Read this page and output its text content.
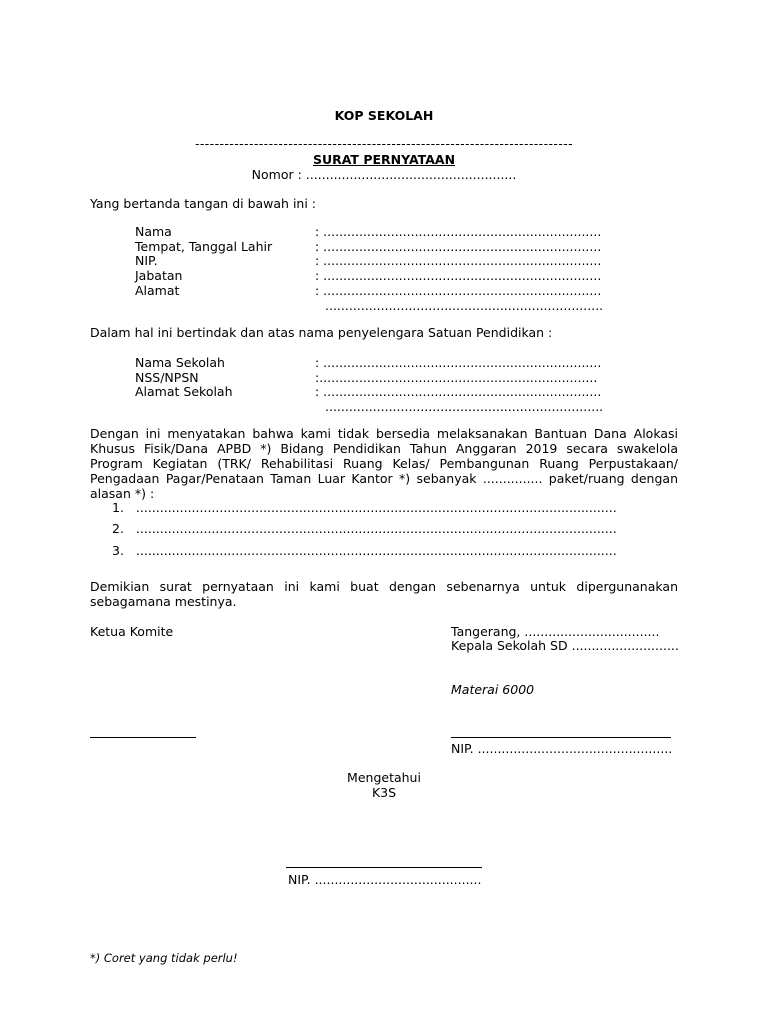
KOP SEKOLAH
-----------------------------------------------------------------------------
SURAT PERNYATAAN
Nomor : .....................................................
Yang bertanda tangan di bawah ini :
Nama	: ......................................................................
Tempat, Tanggal Lahir	: ......................................................................
NIP.	: ......................................................................
Jabatan	: ......................................................................
Alamat	: ......................................................................
......................................................................
Dalam hal ini bertindak dan atas nama penyelengara Satuan Pendidikan :
Nama Sekolah	: ......................................................................
NSS/NPSN	:......................................................................
Alamat Sekolah	: ......................................................................
......................................................................
Dengan ini menyatakan bahwa kami tidak bersedia melaksanakan Bantuan Dana Alokasi Khusus Fisik/Dana APBD *) Bidang Pendidikan Tahun Anggaran 2019 secara swakelola Program Kegiatan (TRK/ Rehabilitasi Ruang Kelas/ Pembangunan Ruang Perpustakaan/ Pengadaan Pagar/Penataan Taman Luar Kantor *) sebanyak ............... paket/ruang dengan alasan *) :
1. .........................................................................................................................
2. .........................................................................................................................
3. .........................................................................................................................
Demikian surat pernyataan ini kami buat dengan sebenarnya untuk dipergunanakan sebagamana mestinya.
Ketua Komite	Tangerang, ..................................
Kepala Sekolah SD ...........................
Materai 6000
NIP. .................................................
Mengetahui
K3S
NIP. ..........................................
*) Coret yang tidak perlu!
